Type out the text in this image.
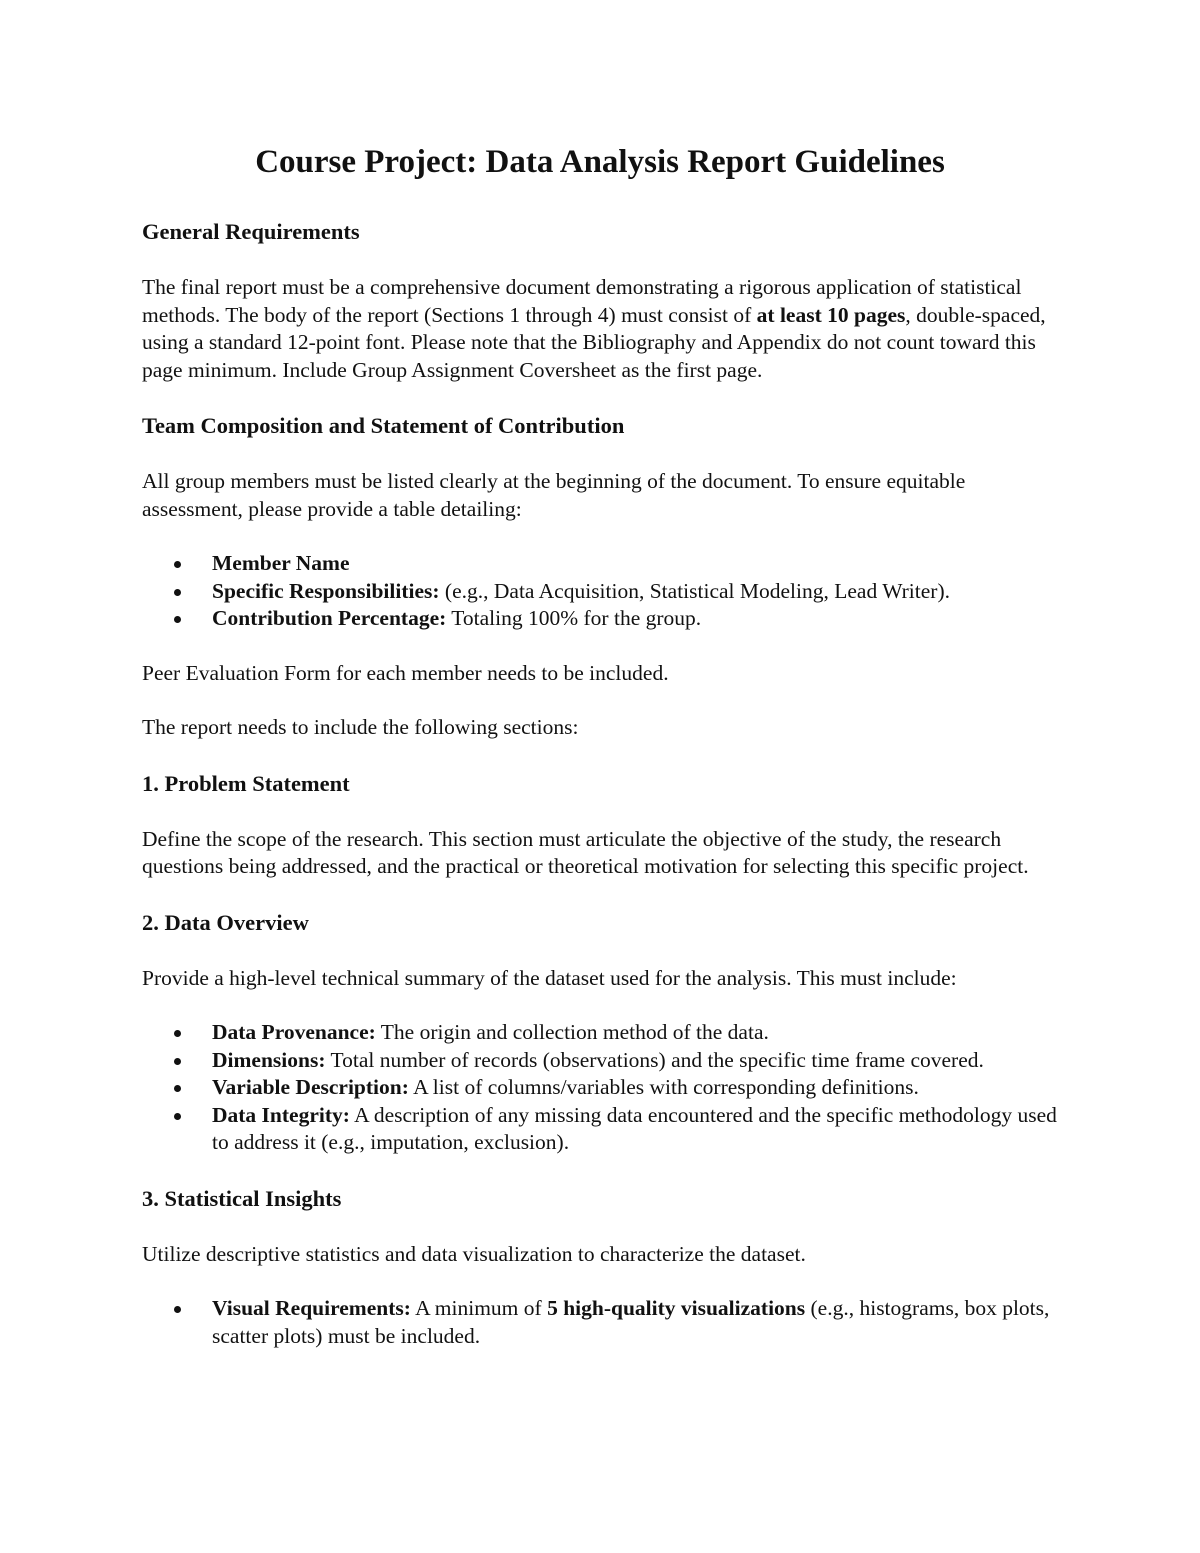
Course Project: Data Analysis Report Guidelines
General Requirements

The final report must be a comprehensive document demonstrating a rigorous application of statistical methods. The body of the report (Sections 1 through 4) must consist of at least 10 pages, double-spaced, using a standard 12-point font. Please note that the Bibliography and Appendix do not count toward this page minimum. Include Group Assignment Coversheet as the first page.

Team Composition and Statement of Contribution

All group members must be listed clearly at the beginning of the document. To ensure equitable assessment, please provide a table detailing:

Member Name
Specific Responsibilities: (e.g., Data Acquisition, Statistical Modeling, Lead Writer).
Contribution Percentage: Totaling 100% for the group.

Peer Evaluation Form for each member needs to be included.

The report needs to include the following sections:

1. Problem Statement

Define the scope of the research. This section must articulate the objective of the study, the research questions being addressed, and the practical or theoretical motivation for selecting this specific project.

2. Data Overview

Provide a high-level technical summary of the dataset used for the analysis. This must include:

Data Provenance: The origin and collection method of the data.
Dimensions: Total number of records (observations) and the specific time frame covered.
Variable Description: A list of columns/variables with corresponding definitions.
Data Integrity: A description of any missing data encountered and the specific methodology used to address it (e.g., imputation, exclusion).
3. Statistical Insights

Utilize descriptive statistics and data visualization to characterize the dataset.

Visual Requirements: A minimum of 5 high-quality visualizations (e.g., histograms, box plots, scatter plots) must be included.
